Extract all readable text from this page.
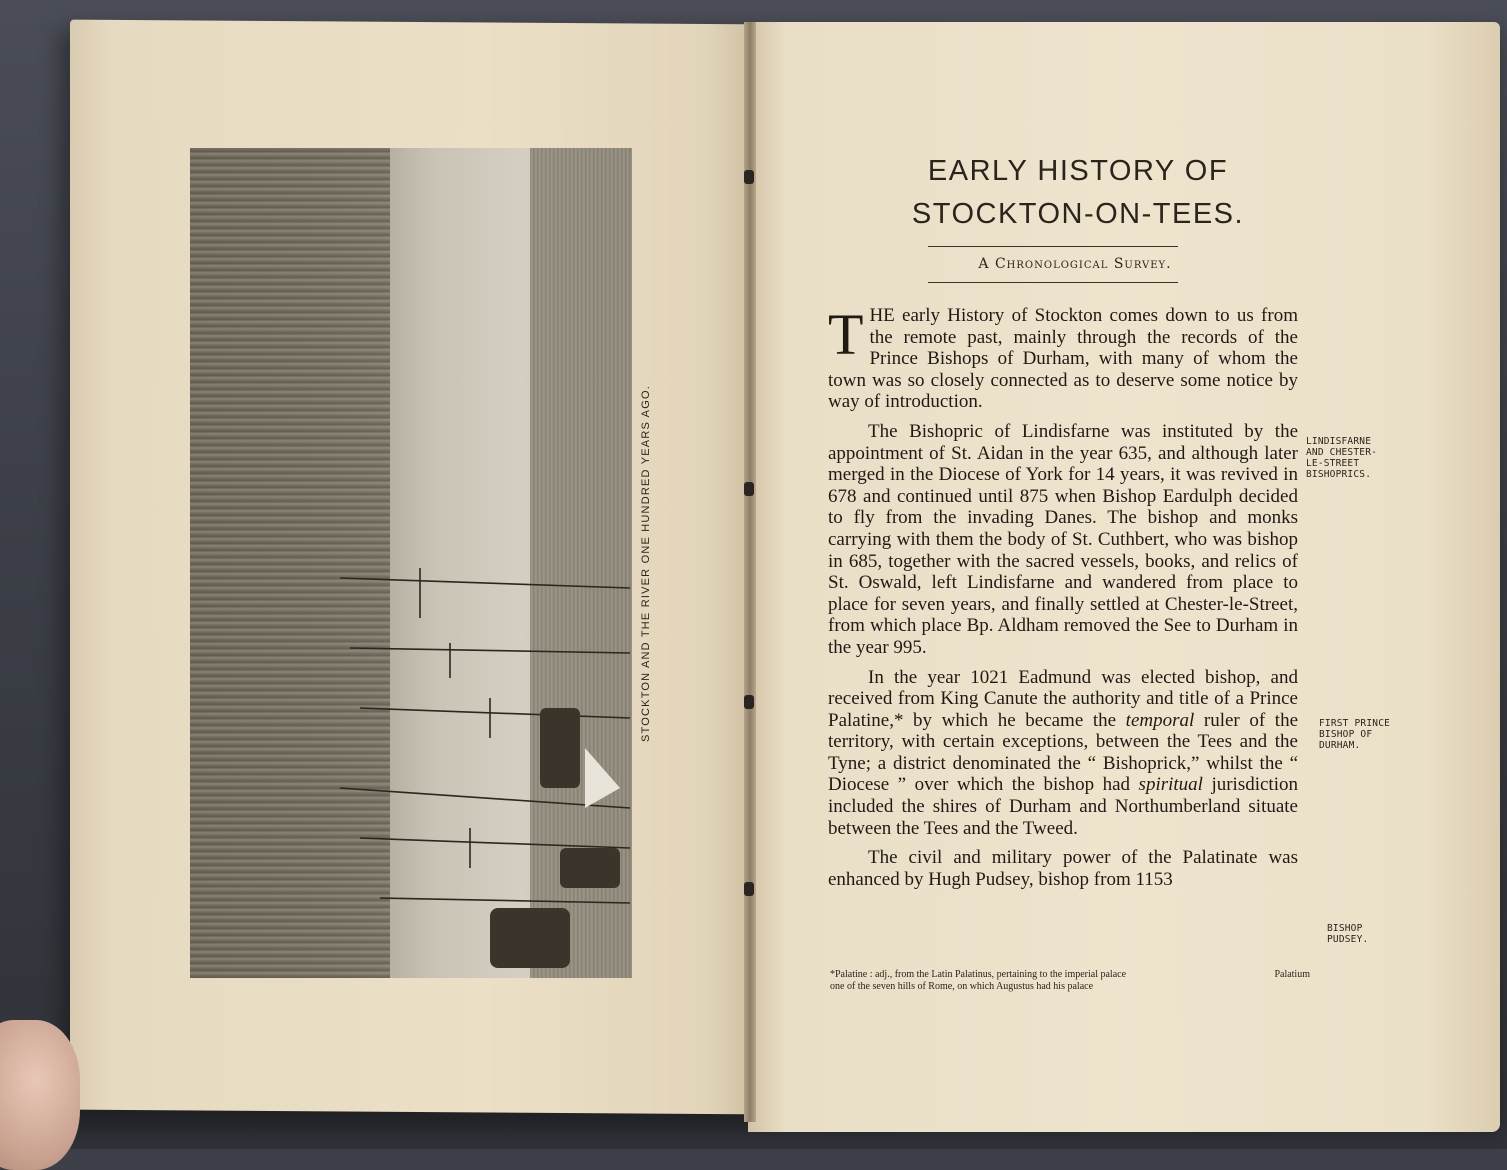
STOCKTON AND THE RIVER ONE HUNDRED YEARS AGO.
EARLY HISTORY OF
STOCKTON-ON-TEES.
A Chronological Survey.

THE early History of Stockton comes down to us from the remote past, mainly through the records of the Prince Bishops of Durham, with many of whom the town was so closely connected as to deserve some notice by way of introduction.

The Bishopric of Lindisfarne was instituted by the appointment of St. Aidan in the year 635, and although later merged in the Diocese of York for 14 years, it was revived in 678 and continued until 875 when Bishop Eardulph decided to fly from the invading Danes. The bishop and monks carrying with them the body of St. Cuthbert, who was bishop in 685, together with the sacred vessels, books, and relics of St. Oswald, left Lindisfarne and wandered from place to place for seven years, and finally settled at Chester-le-Street, from which place Bp. Aldham removed the See to Durham in the year 995.

In the year 1021 Eadmund was elected bishop, and received from King Canute the authority and title of a Prince Palatine,* by which he became the temporal ruler of the territory, with certain exceptions, between the Tees and the Tyne; a district denominated the “ Bishoprick,” whilst the “ Diocese ” over which the bishop had spiritual jurisdiction included the shires of Durham and Northumberland situate between the Tees and the Tweed.

The civil and military power of the Palatinate was enhanced by Hugh Pudsey, bishop from 1153

LINDISFARNE
AND CHESTER-
LE-STREET
BISHOPRICS.
FIRST PRINCE
BISHOP OF
DURHAM.
BISHOP
PUDSEY.
*Palatine : adj., from the Latin Palatinus, pertaining to the imperial palace	Palatium
one of the seven hills of Rome, on which Augustus had his palace
